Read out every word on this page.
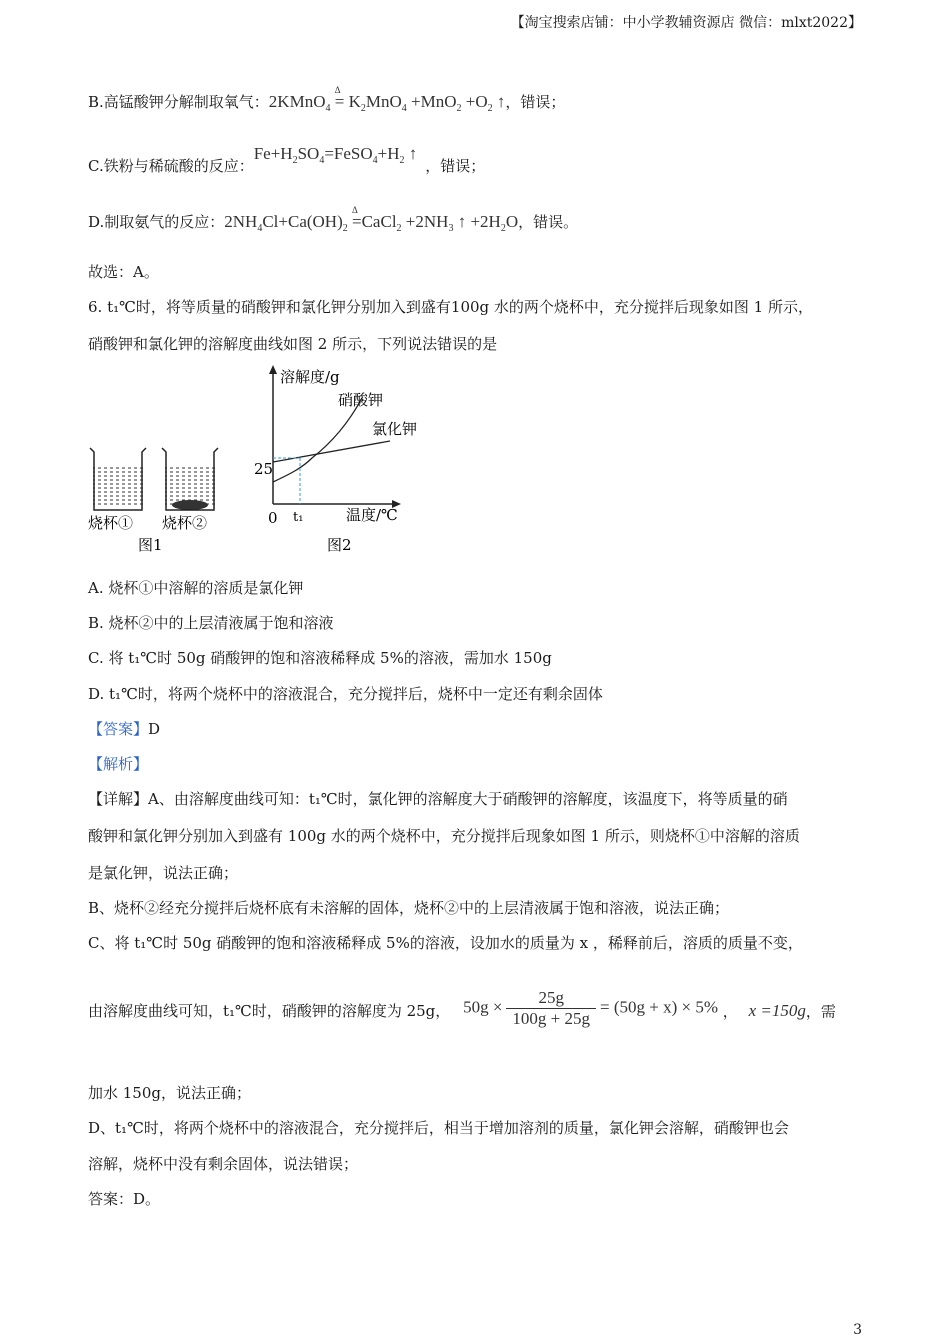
【淘宝搜索店铺：中小学教辅资源店 微信：mlxt2022】
B.高锰酸钾分解制取氧气：2KMnO$_4$ $\Delta = K_2MnO_4 +MnO_2 +O_2$ ↑，错误；
C.铁粉与稀硫酸的反应：$Fe+H_2SO_4=FeSO_4+H_2$ ↑，错误；
D.制取氨气的反应：$2NH_4Cl+Ca(OH)_2$ Δ =CaCl$_2$ $+2NH_3$ ↑ $+2H_2O$，错误。
故选：A。
6. t₁℃时，将等质量的硝酸钾和氯化钾分别加入到盛有100g 水的两个烧杯中，充分搅拌后现象如图 1 所示，
硝酸钾和氯化钾的溶解度曲线如图 2 所示，下列说法错误的是
烧杯① 烧杯②
图1
溶解度/g
温度/℃
0 t₁
25
硝酸钾
氯化钾
图2
A. 烧杯①中溶解的溶质是氯化钾
B. 烧杯②中的上层清液属于饱和溶液
C. 将 t₁℃时 50g 硝酸钾的饱和溶液稀释成 5%的溶液，需加水 150g
D. t₁℃时，将两个烧杯中的溶液混合，充分搅拌后，烧杯中一定还有剩余固体
【答案】D
【解析】
【详解】A、由溶解度曲线可知：t₁℃时，氯化钾的溶解度大于硝酸钾的溶解度，该温度下，将等质量的硝
酸钾和氯化钾分别加入到盛有 100g 水的两个烧杯中，充分搅拌后现象如图 1 所示，则烧杯①中溶解的溶质
是氯化钾，说法正确；
B、烧杯②经充分搅拌后烧杯底有未溶解的固体，烧杯②中的上层清液属于饱和溶液，说法正确；
C、将 t₁℃时 50g 硝酸钾的饱和溶液稀释成 5%的溶液，设加水的质量为 x ，稀释前后，溶质的质量不变，
由溶解度曲线可知，t₁℃时，硝酸钾的溶解度为 25g， $50g \times \frac{25g}{100g + 25g} = (50g + x) \times 5\%$ ， x =150g，需
加水 150g，说法正确；
D、t₁℃时，将两个烧杯中的溶液混合，充分搅拌后，相当于增加溶剂的质量，氯化钾会溶解，硝酸钾也会
溶解，烧杯中没有剩余固体，说法错误；
答案：D。
3
